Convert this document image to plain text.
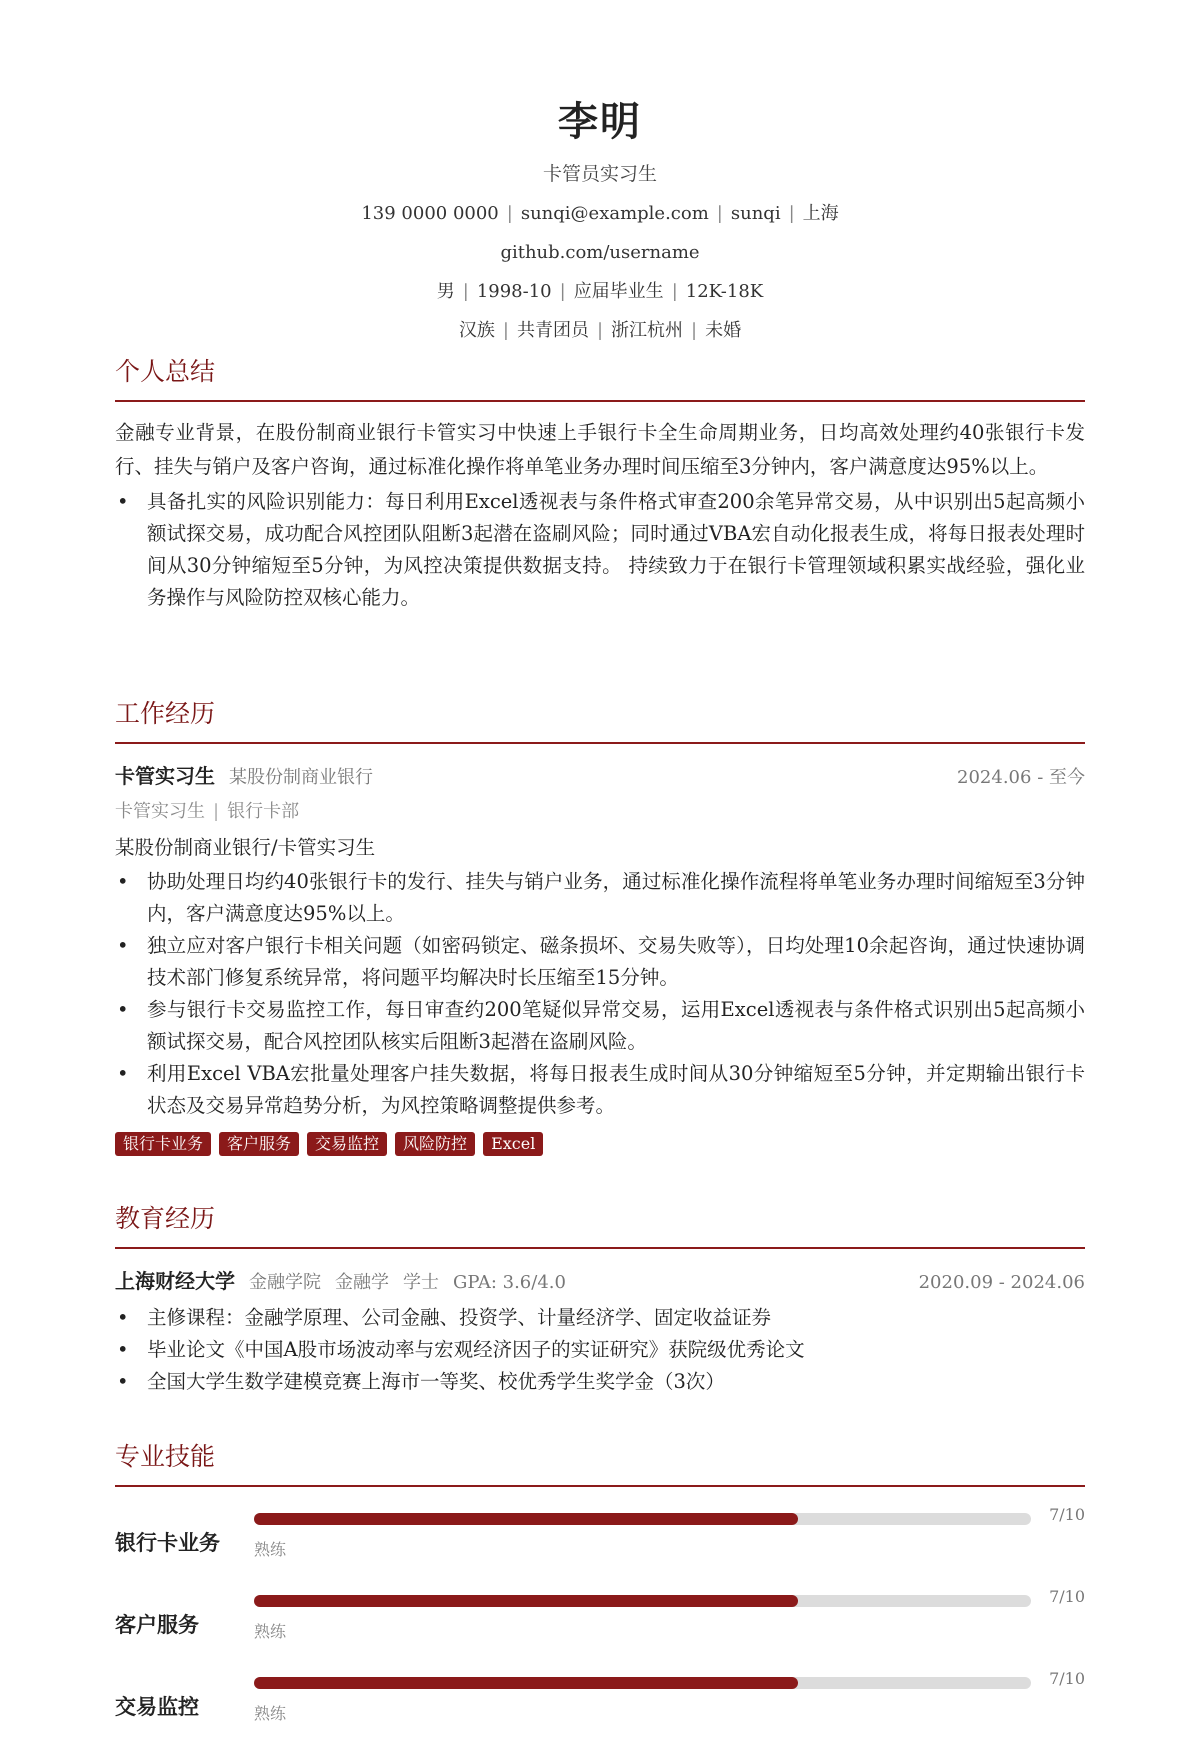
李明
卡管员实习生
139 0000 0000 | sunqi@example.com | sunqi | 上海
github.com/username
男 | 1998-10 | 应届毕业生 | 12K-18K
汉族 | 共青团员 | 浙江杭州 | 未婚
个人总结

金融专业背景，在股份制商业银行卡管实习中快速上手银行卡全生命周期业务，日均高效处理约40张银行卡发行、挂失与销户及客户咨询，通过标准化操作将单笔业务办理时间压缩至3分钟内，客户满意度达95%以上。

• 具备扎实的风险识别能力：每日利用Excel透视表与条件格式审查200余笔异常交易，从中识别出5起高频小额试探交易，成功配合风控团队阻断3起潜在盗刷风险；同时通过VBA宏自动化报表生成，将每日报表处理时间从30分钟缩短至5分钟，为风控决策提供数据支持。 持续致力于在银行卡管理领域积累实战经验，强化业务操作与风险防控双核心能力。
工作经历
卡管实习生 某股份制商业银行	2024.06 - 至今
卡管实习生 | 银行卡部
某股份制商业银行/卡管实习生
• 协助处理日均约40张银行卡的发行、挂失与销户业务，通过标准化操作流程将单笔业务办理时间缩短至3分钟内，客户满意度达95%以上。
• 独立应对客户银行卡相关问题（如密码锁定、磁条损坏、交易失败等），日均处理10余起咨询，通过快速协调技术部门修复系统异常，将问题平均解决时长压缩至15分钟。
• 参与银行卡交易监控工作，每日审查约200笔疑似异常交易，运用Excel透视表与条件格式识别出5起高频小额试探交易，配合风控团队核实后阻断3起潜在盗刷风险。
• 利用Excel VBA宏批量处理客户挂失数据，将每日报表生成时间从30分钟缩短至5分钟，并定期输出银行卡状态及交易异常趋势分析，为风控策略调整提供参考。
银行卡业务	客户服务	交易监控	风险防控	Excel
教育经历
上海财经大学 金融学院 金融学 学士 GPA: 3.6/4.0	2020.09 - 2024.06
• 主修课程：金融学原理、公司金融、投资学、计量经济学、固定收益证券
• 毕业论文《中国A股市场波动率与宏观经济因子的实证研究》获院级优秀论文
• 全国大学生数学建模竞赛上海市一等奖、校优秀学生奖学金（3次）
专业技能
银行卡业务
7/10
熟练
客户服务
7/10
熟练
交易监控
7/10
熟练
